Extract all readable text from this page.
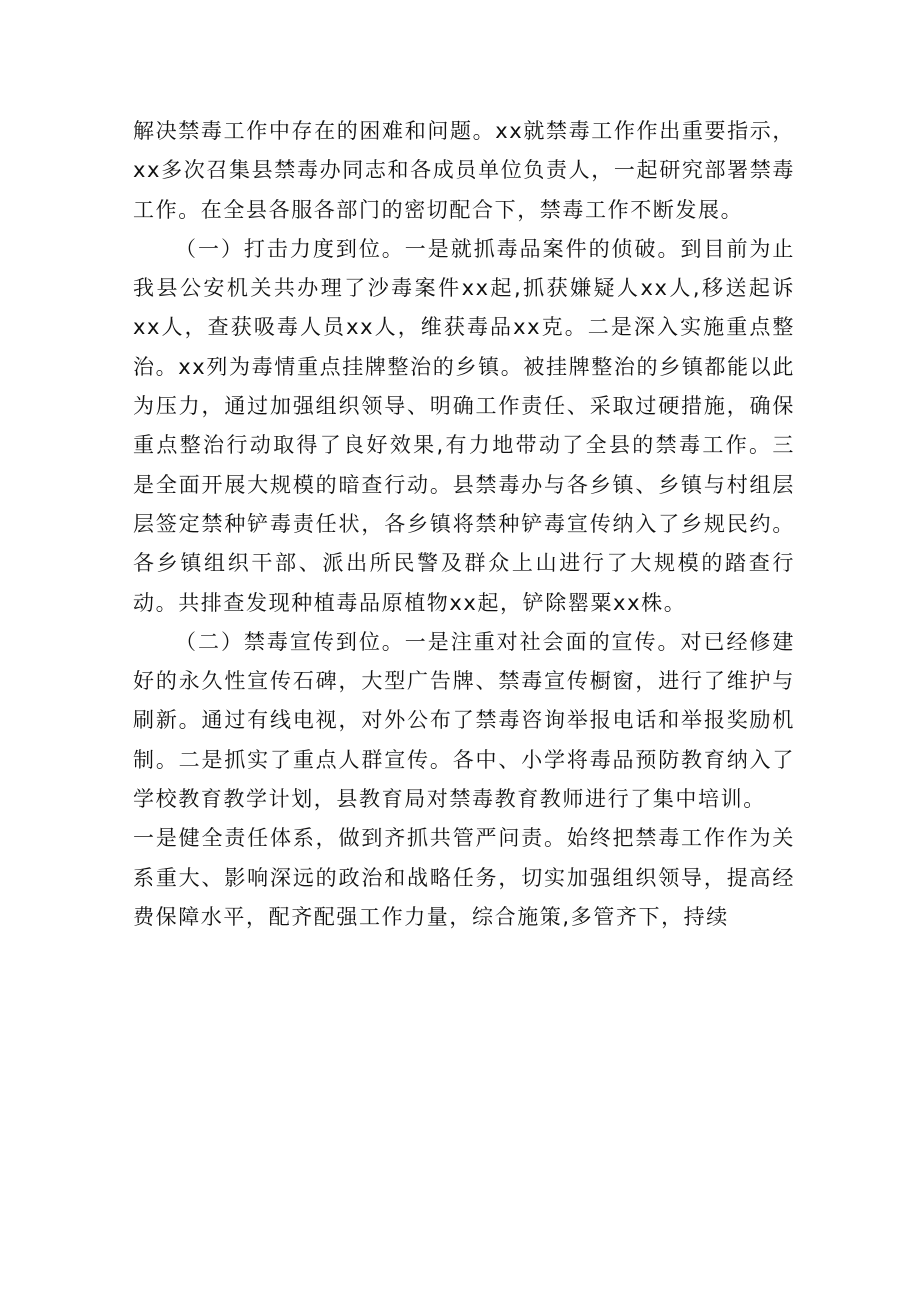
解决禁毒工作中存在的困难和问题。xx就禁毒工作作出重要指示，xx多次召集县禁毒办同志和各成员单位负责人，一起研究部署禁毒工作。在全县各服各部门的密切配合下，禁毒工作不断发展。

（一）打击力度到位。一是就抓毒品案件的侦破。到目前为止我县公安机关共办理了沙毒案件xx起,抓获嫌疑人xx人,移送起诉xx人，查获吸毒人员xx人，维获毒品xx克。二是深入实施重点整治。xx列为毒情重点挂牌整治的乡镇。被挂牌整治的乡镇都能以此为压力，通过加强组织领导、明确工作责任、采取过硬措施，确保重点整治行动取得了良好效果,有力地带动了全县的禁毒工作。三是全面开展大规模的暗查行动。县禁毒办与各乡镇、乡镇与村组层层签定禁种铲毒责任状，各乡镇将禁种铲毒宣传纳入了乡规民约。各乡镇组织干部、派出所民警及群众上山进行了大规模的踏查行动。共排查发现种植毒品原植物xx起，铲除罂粟xx株。

（二）禁毒宣传到位。一是注重对社会面的宣传。对已经修建好的永久性宣传石碑，大型广告牌、禁毒宣传橱窗，进行了维护与刷新。通过有线电视，对外公布了禁毒咨询举报电话和举报奖励机制。二是抓实了重点人群宣传。各中、小学将毒品预防教育纳入了学校教育教学计划，县教育局对禁毒教育教师进行了集中培训。

一是健全责任体系，做到齐抓共管严问责。始终把禁毒工作作为关系重大、影响深远的政治和战略任务，切实加强组织领导，提高经费保障水平，配齐配强工作力量，综合施策,多管齐下，持续
